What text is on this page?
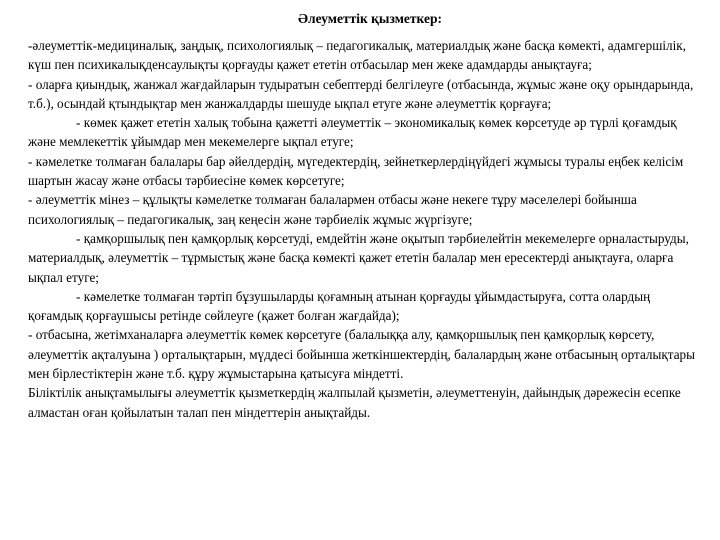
Әлеуметтік қызметкер:

-әлеуметтік-медициналық, заңдық, психологиялық – педагогикалық, материалдық және басқа көмекті, адамгершілік, күш пен психикалықденсаулықты қорғауды қажет ететін отбасылар мен жеке адамдарды анықтауға;

- оларға қиындық, жанжал жағдайларын тудыратын себептерді белгілеуге (отбасында, жұмыс және оқу орындарында, т.б.), осындай қтындықтар мен жанжалдарды шешуде ықпал етуге және әлеуметтік қорғауға;

- көмек қажет ететін халық тобына қажетті әлеуметтік – экономикалық көмек көрсетуде әр түрлі қоғамдық және мемлекеттік ұйымдар мен мекемелерге ықпал етуге;

- кәмелетке толмаған балалары бар әйелдердің, мүгедектердің, зейнеткерлердіңүйдегі жұмысы туралы еңбек келісім шартын жасау және отбасы тәрбиесіне көмек көрсетуге;

- әлеуметтік мінез – құлықты кәмелетке толмаған балалармен отбасы және некеге тұру мәселелері бойынша психологиялық – педагогикалық, заң кеңесін және тәрбиелік жұмыс жүргізуге;

- қамқоршылық пен қамқорлық көрсетуді, емдейтін және оқытып тәрбиелейтін мекемелерге орналастыруды, материалдық, әлеуметтік – тұрмыстық және басқа көмекті қажет ететін балалар мен ересектерді анықтауға, оларға ықпал етуге;

- кәмелетке толмаған тәртіп бұзушыларды қоғамның атынан қорғауды ұйымдастыруға, сотта олардың қоғамдық қорғаушысы ретінде сөйлеуге (қажет болған жағдайда);

- отбасына, жетімханаларға әлеуметтік көмек көрсетуге (балалыққа алу, қамқоршылық пен қамқорлық көрсету, әлеуметтік ақталуына ) орталықтарын, мүддесі бойынша жеткіншектердің, балалардың және отбасының орталықтары мен бірлестіктерін және т.б. құру жұмыстарына қатысуға міндетті.

Біліктілік анықтамылығы әлеуметтік қызметкердің жалпылай қызметін, әлеуметтенуін, дайындық дәрежесін есепке алмастан оған қойылатын талап пен міндеттерін анықтайды.
